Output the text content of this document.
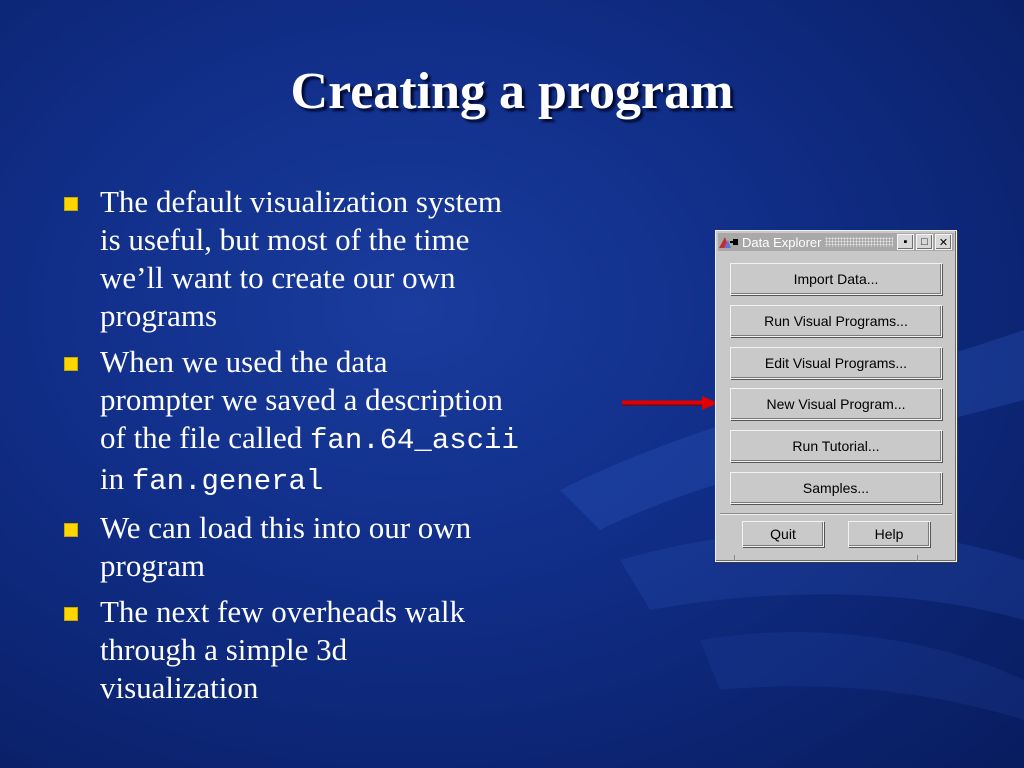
Creating a program
The default visualization system
is useful, but most of the time
we’ll want to create our own
programs
When we used the data
prompter we saved a description
of the file called fan.64_ascii
in fan.general
We can load this into our own
program
The next few overheads walk
through a simple 3d
visualization
Data Explorer	▪	□	✕
Import Data...
Run Visual Programs...
Edit Visual Programs...
New Visual Program...
Run Tutorial...
Samples...
Quit	Help
